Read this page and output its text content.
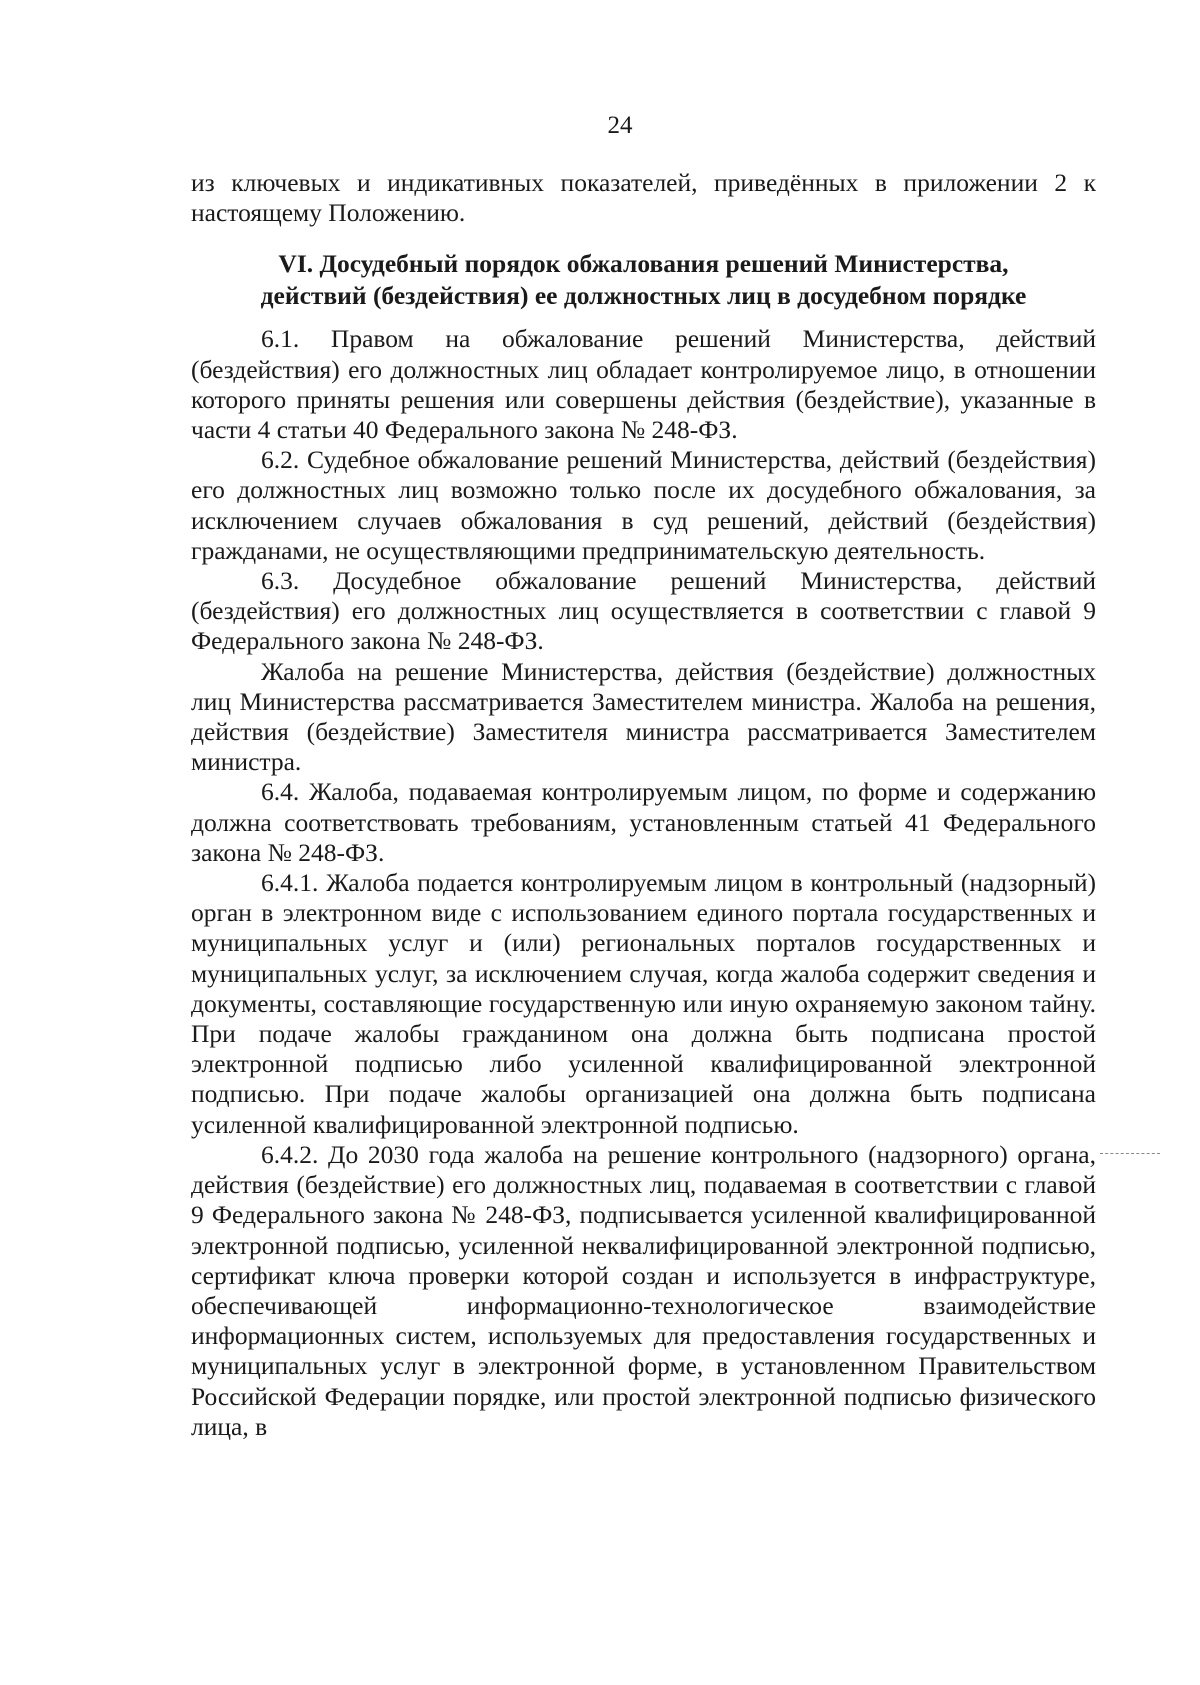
24

из ключевых и индикативных показателей, приведённых в приложении 2 к настоящему Положению.

VI. Досудебный порядок обжалования решений Министерства,
действий (бездействия) ее должностных лиц в досудебном порядке

6.1. Правом на обжалование решений Министерства, действий (бездействия) его должностных лиц обладает контролируемое лицо, в отношении которого приняты решения или совершены действия (бездействие), указанные в части 4 статьи 40 Федерального закона № 248-ФЗ.

6.2. Судебное обжалование решений Министерства, действий (бездействия) его должностных лиц возможно только после их досудебного обжалования, за исключением случаев обжалования в суд решений, действий (бездействия) гражданами, не осуществляющими предпринимательскую деятельность.

6.3. Досудебное обжалование решений Министерства, действий (бездействия) его должностных лиц осуществляется в соответствии с главой 9 Федерального закона № 248-ФЗ.

Жалоба на решение Министерства, действия (бездействие) должностных лиц Министерства рассматривается Заместителем министра. Жалоба на решения, действия (бездействие) Заместителя министра рассматривается Заместителем министра.

6.4. Жалоба, подаваемая контролируемым лицом, по форме и содержанию должна соответствовать требованиям, установленным статьей 41 Федерального закона № 248-ФЗ.

6.4.1. Жалоба подается контролируемым лицом в контрольный (надзорный) орган в электронном виде с использованием единого портала государственных и муниципальных услуг и (или) региональных порталов государственных и муниципальных услуг, за исключением случая, когда жалоба содержит сведения и документы, составляющие государственную или иную охраняемую законом тайну. При подаче жалобы гражданином она должна быть подписана простой электронной подписью либо усиленной квалифицированной электронной подписью. При подаче жалобы организацией она должна быть подписана усиленной квалифицированной электронной подписью.

6.4.2. До 2030 года жалоба на решение контрольного (надзорного) органа, действия (бездействие) его должностных лиц, подаваемая в соответствии с главой 9 Федерального закона № 248-ФЗ, подписывается усиленной квалифицированной электронной подписью, усиленной неквалифицированной электронной подписью, сертификат ключа проверки которой создан и используется в инфраструктуре, обеспечивающей информационно-технологическое взаимодействие информационных систем, используемых для предоставления государственных и муниципальных услуг в электронной форме, в установленном Правительством Российской Федерации порядке, или простой электронной подписью физического лица, в
